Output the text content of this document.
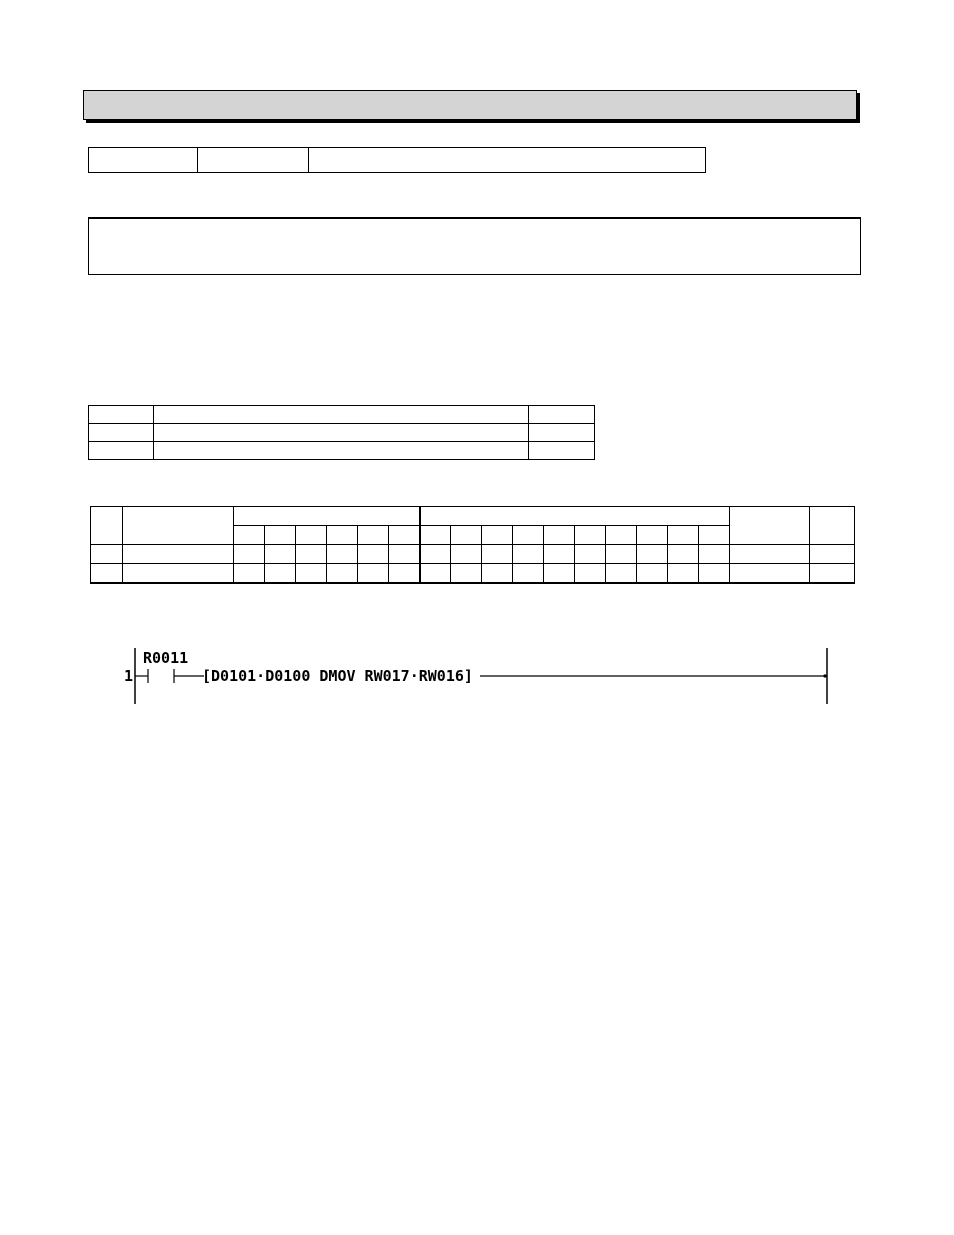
1
R0011
[D0101·D0100 DMOV RW017·RW016]
